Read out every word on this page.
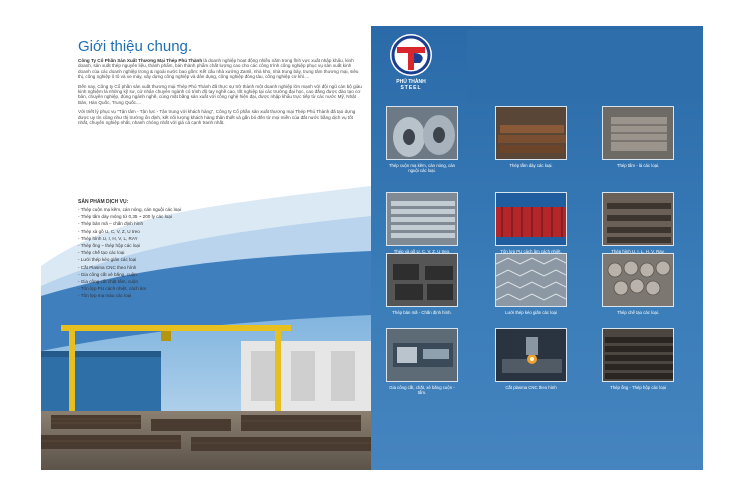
Giới thiệu chung.

Công Ty Cổ Phần Sản Xuất Thương Mại Thép Phú Thành là doanh nghiệp hoạt động nhiều năm trong lĩnh vực xuất nhập khẩu, kinh doanh, sản xuất thép nguyên liệu, thành phẩm, bán thành phẩm chất lượng cao cho các công trình công nghiệp phục vụ sản xuất kinh doanh của các doanh nghiệp trong & ngoài nước bao gồm: Kết cấu nhà xưởng Zamil, nhà kho, nhà trung bày, trung tâm thương mại, siêu thị, công nghiệp ô tô và xe máy, xây dựng công nghiệp và dân dụng, công nghiệp đóng tàu, công nghiệp cơ khí....

Đến nay, Công ty Cổ phần sản xuất thương mại Thép Phú Thành đã thực sự trở thành một doanh nghiệp lớn mạnh với đội ngũ cán bộ giàu kinh nghiệm là những kỹ sư, cử nhân chuyên ngành có trình độ tay nghề cao, tốt nghiệp tại các trường đại học, cao đẳng được đào tạo cơ bản, chuyên nghiệp, đúng ngành nghề, cùng mặt bằng sản xuất với công nghệ hiện đại, được nhập khẩu trực tiếp từ các nước Mỹ, Nhật Bản, Hàn Quốc, Trung Quốc....

Với triết lý phục vụ "Tận tâm - Tận lực - Tận trung với khách hàng", Công ty Cổ phần sản xuất thương mại Thép Phú Thành đã tạo dựng được uy tín cũng như thị trường ổn định, kết nối lượng khách hàng thân thiết và gắn bó đến từ mọi miền của đất nước bằng dịch vụ tốt nhất, chuyên nghiệp nhất, nhanh chóng nhất với giá cả cạnh tranh nhất.

SẢN PHẨM DỊCH VỤ:
- Thép cuộn mạ kẽm, cán nóng, cán nguội các loại
- Thép tấm dày mỏng từ 0,35 ~ 200 ly các loại
- Thép bản mã – chấn định hình
- Thép xà gồ U, C, V, Z, U treo
- Thép hình U, I, H, V, L, RAY
- Thép ống – thép hộp các loại
- Thép chế tạo các loại
- Lưới thép kéo giãn các loại
- Cắt Plasma CNC theo hình
- Gia công cắt xẻ băng, cuộn
- Gia công cắt chặt tấm, cuộn
- Tôn lợp PU cách nhiệt, cách âm
- Tôn lợp mạ màu các loại
PHÚ THÀNH
STEEL
Thép cuộn mạ kẽm, cán nóng, cán nguội các loại.
Thép tấm dày các loại.	Thép tấm - lá các loại.
Thép xà gồ U, C, V, Z, U treo.	Tôn lợp PU cách âm cách nhiệt.	Thép hình U, I, L, H, V, Ray.
Thép bản mã - Chấn định hình.	Lưới thép kéo giãn các loại	Thép chế tạo các loại.
Gia công cắt, chặt, xẻ băng cuộn - tấm.
Cắt plasma CNC theo hình	Thép ống - Thép hộp các loại
